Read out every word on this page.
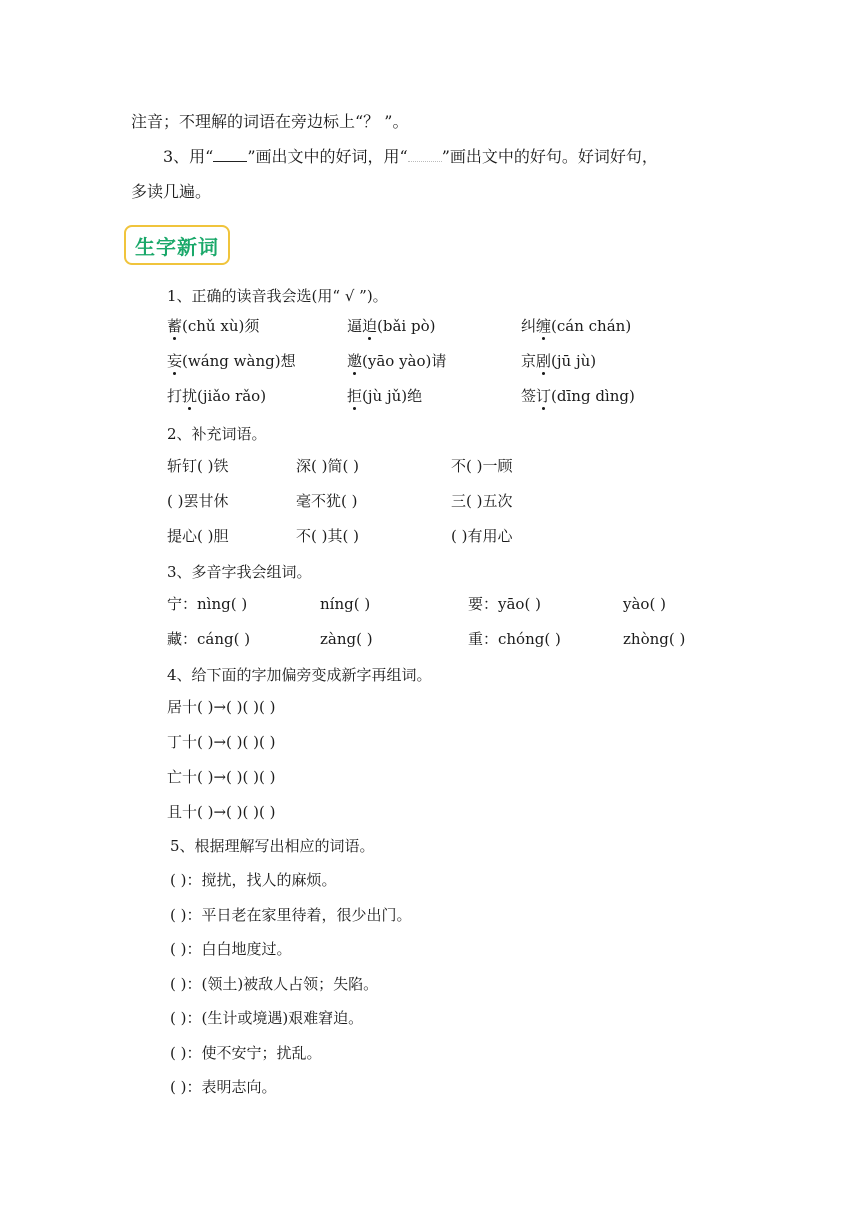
注音；不理解的词语在旁边标上“？ ”。
3、用“ ”画出文中的好词，用“ ”画出文中的好句。好词好句，
多读几遍。
生字新词
1、正确的读音我会选(用“ √ ”)。
蓄(chǔ xù)须	逼迫(bǎi pò)	纠缠(cán chán)
妄(wáng wàng)想	邀(yāo yào)请	京剧(jū jù)
打扰(jiǎo rǎo)	拒(jù jǔ)绝	签订(dīng dìng)
2、补充词语。
斩钉( )铁	深( )简( )	不( )一顾
( )罢甘休	毫不犹( )	三( )五次
提心( )胆	不( )其( )	( )有用心
3、多音字我会组词。
宁：nìng( )	níng( )	要：yāo( )	yào( )
藏：cáng( )	zàng( )	重：chóng( )	zhòng( )
4、给下面的字加偏旁变成新字再组词。
居十( )→( )( )( )
丁十( )→( )( )( )
亡十( )→( )( )( )
且十( )→( )( )( )
5、根据理解写出相应的词语。
( )：搅扰，找人的麻烦。
( )：平日老在家里待着，很少出门。
( )：白白地度过。
( )：(领土)被敌人占领；失陷。
( )：(生计或境遇)艰难窘迫。
( )：使不安宁；扰乱。
( )：表明志向。
